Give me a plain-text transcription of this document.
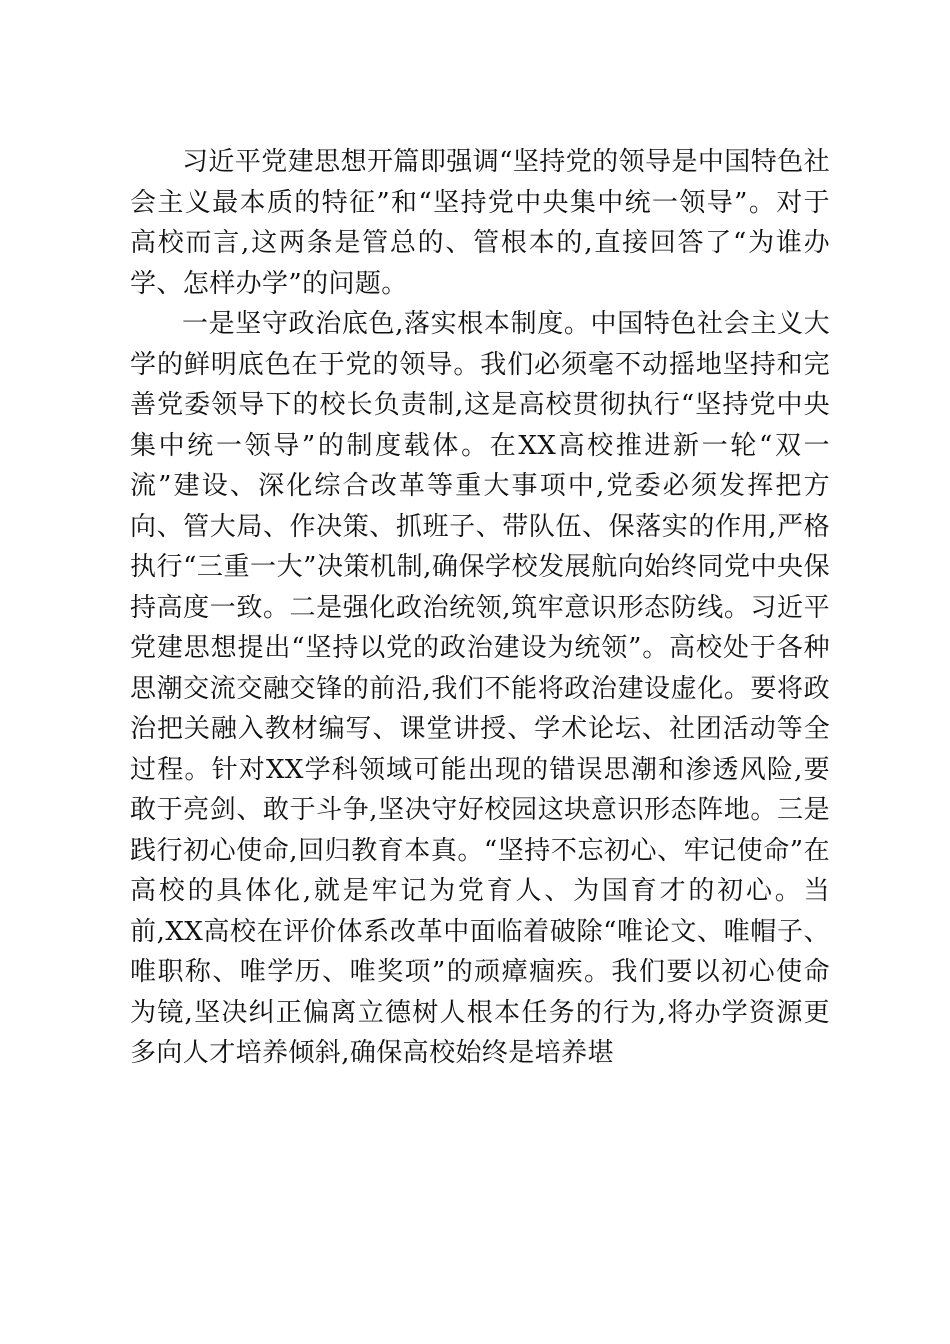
习近平党建思想开篇即强调“坚持党的领导是中国特色社会主义最本质的特征”和“坚持党中央集中统一领导”。对于高校而言,这两条是管总的、管根本的,直接回答了“为谁办学、怎样办学”的问题。

一是坚守政治底色,落实根本制度。中国特色社会主义大学的鲜明底色在于党的领导。我们必须毫不动摇地坚持和完善党委领导下的校长负责制,这是高校贯彻执行“坚持党中央集中统一领导”的制度载体。在XX高校推进新一轮“双一流”建设、深化综合改革等重大事项中,党委必须发挥把方向、管大局、作决策、抓班子、带队伍、保落实的作用,严格执行“三重一大”决策机制,确保学校发展航向始终同党中央保持高度一致。二是强化政治统领,筑牢意识形态防线。习近平党建思想提出“坚持以党的政治建设为统领”。高校处于各种思潮交流交融交锋的前沿,我们不能将政治建设虚化。要将政治把关融入教材编写、课堂讲授、学术论坛、社团活动等全过程。针对XX学科领域可能出现的错误思潮和渗透风险,要敢于亮剑、敢于斗争,坚决守好校园这块意识形态阵地。三是践行初心使命,回归教育本真。“坚持不忘初心、牢记使命”在高校的具体化,就是牢记为党育人、为国育才的初心。当前,XX高校在评价体系改革中面临着破除“唯论文、唯帽子、唯职称、唯学历、唯奖项”的顽瘴痼疾。我们要以初心使命为镜,坚决纠正偏离立德树人根本任务的行为,将办学资源更多向人才培养倾斜,确保高校始终是培养堪
